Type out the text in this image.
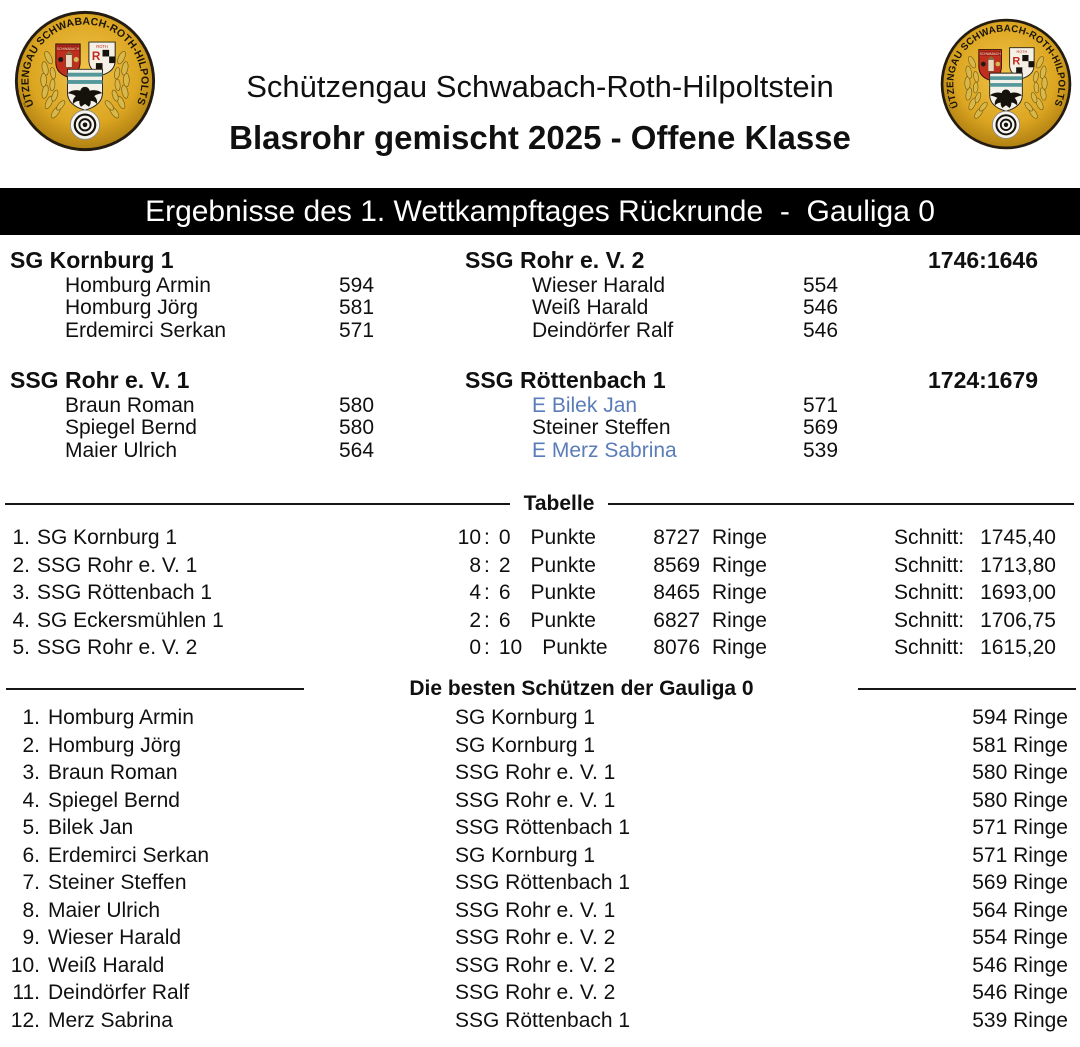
Schützengau Schwabach-Roth-Hilpoltstein
Blasrohr gemischt 2025 - Offene Klasse
Ergebnisse des 1. Wettkampftages Rückrunde  -  Gauliga 0
SG Kornburg 1	SSG Rohr e. V. 2	1746:1646
Homburg Armin	594	Wieser Harald	554
Homburg Jörg	581	Weiß Harald	546
Erdemirci Serkan	571	Deindörfer Ralf	546
SSG Rohr e. V. 1	SSG Röttenbach 1	1724:1679
Braun Roman	580	E Bilek Jan	571
Spiegel Bernd	580	Steiner Steffen	569
Maier Ulrich	564	E Merz Sabrina	539
Tabelle
1. SG Kornburg 1	10 : 0 Punkte	8727 Ringe	Schnitt: 1745,40
2. SSG Rohr e. V. 1	8 : 2 Punkte	8569 Ringe	Schnitt: 1713,80
3. SSG Röttenbach 1	4 : 6 Punkte	8465 Ringe	Schnitt: 1693,00
4. SG Eckersmühlen 1	2 : 6 Punkte	6827 Ringe	Schnitt: 1706,75
5. SSG Rohr e. V. 2	0 : 10 Punkte	8076 Ringe	Schnitt: 1615,20
Die besten Schützen der Gauliga 0
1. Homburg Armin	SG Kornburg 1	594 Ringe
2. Homburg Jörg	SG Kornburg 1	581 Ringe
3. Braun Roman	SSG Rohr e. V. 1	580 Ringe
4. Spiegel Bernd	SSG Rohr e. V. 1	580 Ringe
5. Bilek Jan	SSG Röttenbach 1	571 Ringe
6. Erdemirci Serkan	SG Kornburg 1	571 Ringe
7. Steiner Steffen	SSG Röttenbach 1	569 Ringe
8. Maier Ulrich	SSG Rohr e. V. 1	564 Ringe
9. Wieser Harald	SSG Rohr e. V. 2	554 Ringe
10. Weiß Harald	SSG Rohr e. V. 2	546 Ringe
11. Deindörfer Ralf	SSG Rohr e. V. 2	546 Ringe
12. Merz Sabrina	SSG Röttenbach 1	539 Ringe
